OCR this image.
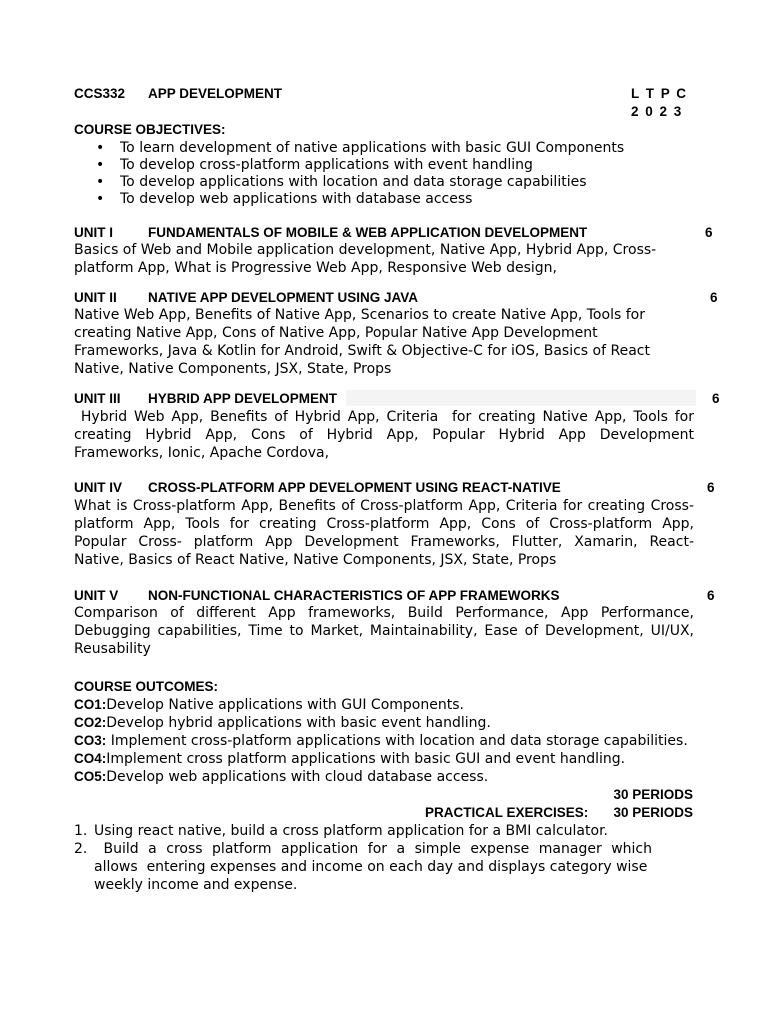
CCS332 APP DEVELOPMENT	L T P C
2 0 2 3
COURSE OBJECTIVES:
• To learn development of native applications with basic GUI Components
• To develop cross-platform applications with event handling
• To develop applications with location and data storage capabilities
• To develop web applications with database access
UNIT I	FUNDAMENTALS OF MOBILE & WEB APPLICATION DEVELOPMENT	6
Basics of Web and Mobile application development, Native App, Hybrid App, Cross-
platform App, What is Progressive Web App, Responsive Web design,
UNIT II NATIVE APP DEVELOPMENT USING JAVA	6
Native Web App, Benefits of Native App, Scenarios to create Native App, Tools for
creating Native App, Cons of Native App, Popular Native App Development
Frameworks, Java & Kotlin for Android, Swift & Objective-C for iOS, Basics of React
Native, Native Components, JSX, State, Props
UNIT III HYBRID APP DEVELOPMENT	6
Hybrid Web App, Benefits of Hybrid App, Criteria  for creating Native App, Tools for
creating Hybrid App, Cons of Hybrid App, Popular Hybrid App Development
Frameworks, Ionic, Apache Cordova,
UNIT IV CROSS-PLATFORM APP DEVELOPMENT USING REACT-NATIVE	6
What is Cross-platform App, Benefits of Cross-platform App, Criteria for creating Cross-
platform App, Tools for creating Cross-platform App, Cons of Cross-platform App,
Popular Cross- platform App Development Frameworks, Flutter, Xamarin, React-
Native, Basics of React Native, Native Components, JSX, State, Props
UNIT V NON-FUNCTIONAL CHARACTERISTICS OF APP FRAMEWORKS	6
Comparison of different App frameworks, Build Performance, App Performance,
Debugging capabilities, Time to Market, Maintainability, Ease of Development, UI/UX,
Reusability
COURSE OUTCOMES:
CO1:Develop Native applications with GUI Components.
CO2:Develop hybrid applications with basic event handling.
CO3: Implement cross-platform applications with location and data storage capabilities.
CO4:Implement cross platform applications with basic GUI and event handling.
CO5:Develop web applications with cloud database access.
30 PERIODS
PRACTICAL EXERCISES: 30 PERIODS
1. Using react native, build a cross platform application for a BMI calculator.
2. Build a cross platform application for a simple expense manager which
allows  entering expenses and income on each day and displays category wise
weekly income and expense.
